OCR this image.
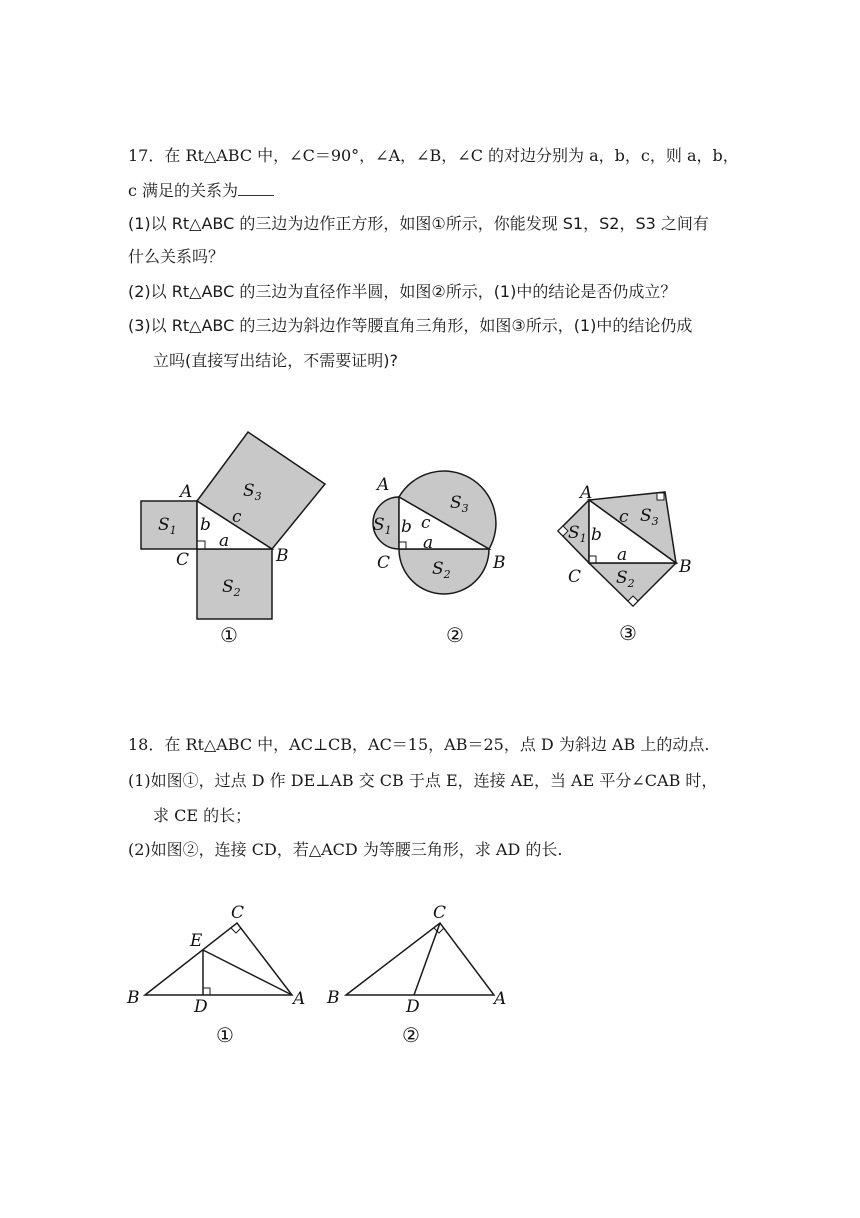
17．在 Rt△ABC 中，∠C＝90°，∠A，∠B，∠C 的对边分别为 a，b，c，则 a，b，
c 满足的关系为
(1)以 Rt△ABC 的三边为边作正方形，如图①所示，你能发现 S1，S2，S3 之间有
什么关系吗？
(2)以 Rt△ABC 的三边为直径作半圆，如图②所示，(1)中的结论是否仍成立？
(3)以 Rt△ABC 的三边为斜边作等腰直角三角形，如图③所示，(1)中的结论仍成
立吗(直接写出结论，不需要证明)?
18．在 Rt△ABC 中，AC⊥CB，AC＝15，AB＝25，点 D 为斜边 AB 上的动点.
(1)如图①，过点 D 作 DE⊥AB 交 CB 于点 E，连接 AE，当 AE 平分∠CAB 时，
求 CE 的长；
(2)如图②，连接 CD，若△ACD 为等腰三角形，求 AD 的长.
A
C	B
b c
a
$S_1$
$S_2$
$S_3$
①
A
C	B
b c
a
$S_1$
$S_2$
$S_3$
②
A
C	B
b
c
a
$S_1$
$S_2$
$S_3$
③
B
C
E
A
D
①
B
C
A
D
②
